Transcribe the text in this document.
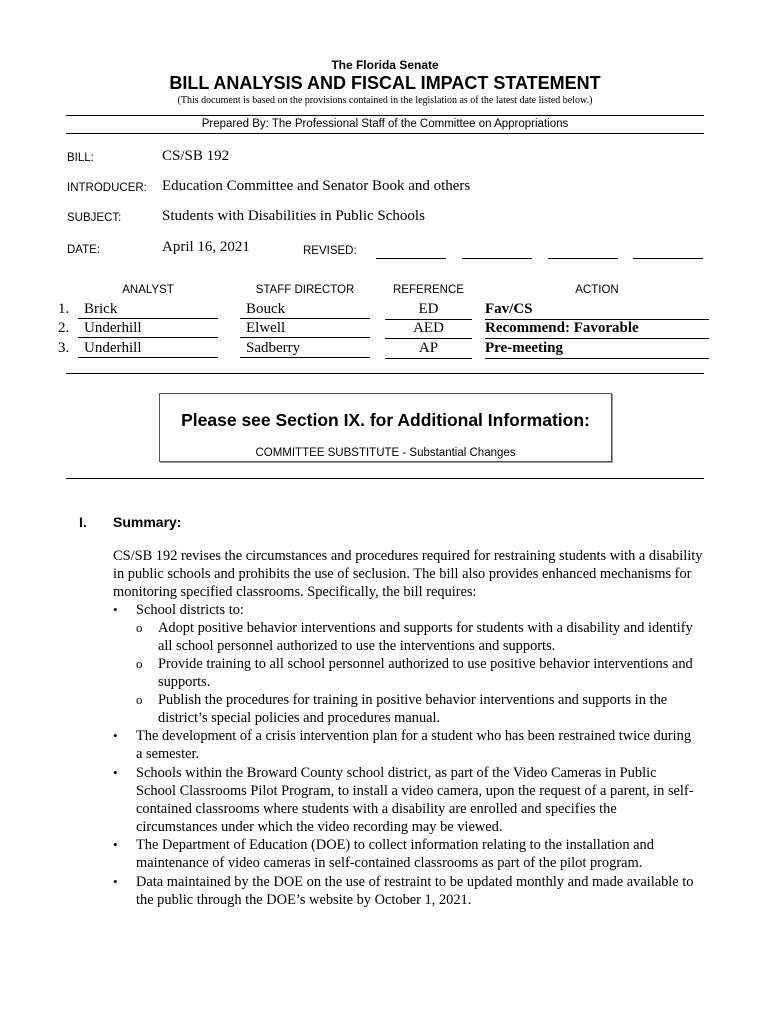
The Florida Senate
BILL ANALYSIS AND FISCAL IMPACT STATEMENT
(This document is based on the provisions contained in the legislation as of the latest date listed below.)
Prepared By: The Professional Staff of the Committee on Appropriations
BILL:	CS/SB 192
INTRODUCER: Education Committee and Senator Book and others
SUBJECT:	Students with Disabilities in Public Schools
DATE:	April 16, 2021	REVISED:
ANALYST	STAFF DIRECTOR	REFERENCE	ACTION
1. Brick	Bouck	ED	Fav/CS
2. Underhill	Elwell	AED	Recommend: Favorable
3. Underhill	Sadberry	AP	Pre-meeting
Please see Section IX. for Additional Information:
COMMITTEE SUBSTITUTE - Substantial Changes
I. Summary:
CS/SB 192 revises the circumstances and procedures required for restraining students with a disability in public schools and prohibits the use of seclusion. The bill also provides enhanced mechanisms for monitoring specified classrooms. Specifically, the bill requires:
• School districts to:
o Adopt positive behavior interventions and supports for students with a disability and identify all school personnel authorized to use the interventions and supports.
o Provide training to all school personnel authorized to use positive behavior interventions and supports.
o Publish the procedures for training in positive behavior interventions and supports in the district’s special policies and procedures manual.
• The development of a crisis intervention plan for a student who has been restrained twice during a semester.
• Schools within the Broward County school district, as part of the Video Cameras in Public School Classrooms Pilot Program, to install a video camera, upon the request of a parent, in self-contained classrooms where students with a disability are enrolled and specifies the circumstances under which the video recording may be viewed.
• The Department of Education (DOE) to collect information relating to the installation and maintenance of video cameras in self-contained classrooms as part of the pilot program.
• Data maintained by the DOE on the use of restraint to be updated monthly and made available to the public through the DOE’s website by October 1, 2021.
